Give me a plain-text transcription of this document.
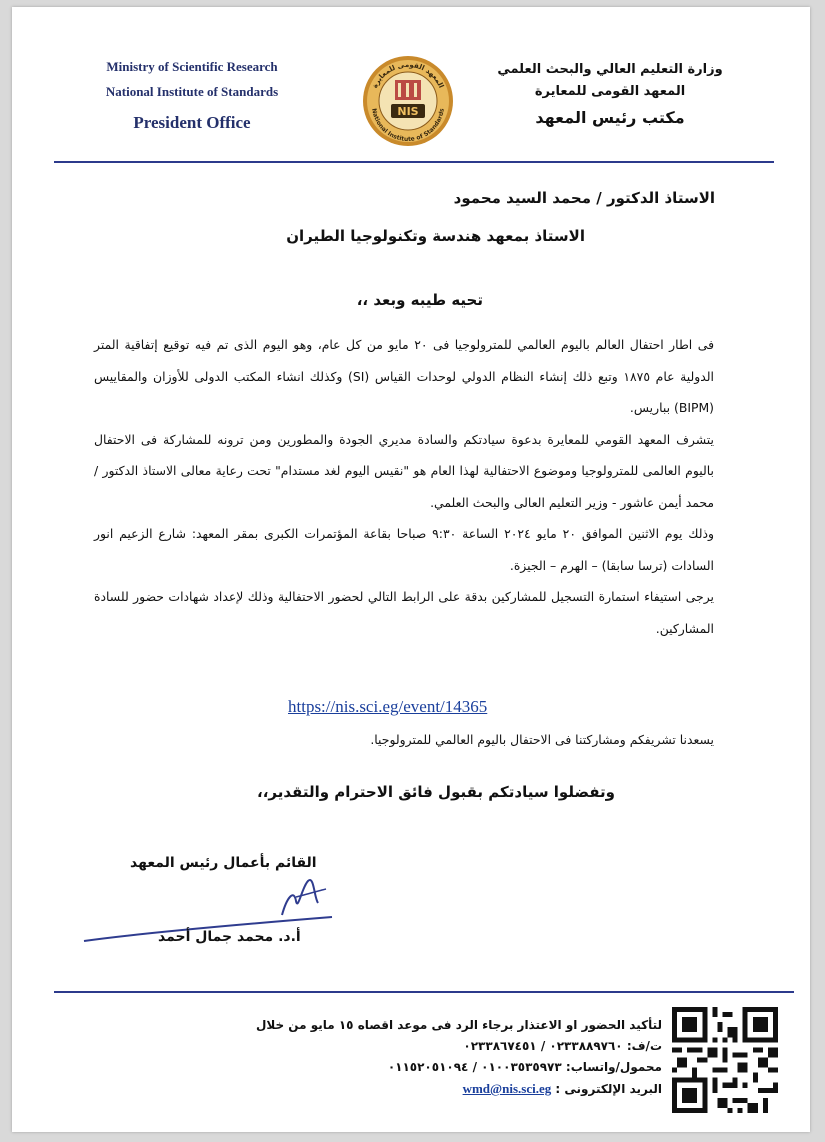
Ministry of Scientific Research
National Institute of Standards
President Office
المعهد القومى للمعايرة
National Institute of Standards
NIS
وزارة التعليم العالي والبحث العلمي
المعهد القومى للمعايرة
مكتب رئيس المعهد
الاستاذ الدكتور / محمد السيد محمود
الاستاذ بمعهد هندسة وتكنولوجيا الطيران
تحيه طيبه وبعد ،،

فى اطار احتفال العالم باليوم العالمي للمترولوجيا فى ٢٠ مايو من كل عام، وهو اليوم الذى تم فيه توقيع إتفاقية المتر الدولية عام ١٨٧٥ وتبع ذلك إنشاء النظام الدولي لوحدات القياس (SI) وكذلك انشاء المكتب الدولى للأوزان والمقاييس (BIPM) بباريس.

يتشرف المعهد القومي للمعايرة بدعوة سيادتكم والسادة مديري الجودة والمطورين ومن ترونه للمشاركة فى الاحتفال باليوم العالمى للمترولوجيا وموضوع الاحتفالية لهذا العام هو "نقيس اليوم لغد مستدام" تحت رعاية معالى الاستاذ الدكتور / محمد أيمن عاشور - وزير التعليم العالى والبحث العلمي.

وذلك يوم الاثنين الموافق ٢٠ مايو ٢٠٢٤ الساعة ٩:٣٠ صباحا بقاعة المؤتمرات الكبرى بمقر المعهد: شارع الزعيم انور السادات (ترسا سابقا) – الهرم – الجيزة.

يرجى استيفاء استمارة التسجيل للمشاركين بدقة على الرابط التالي لحضور الاحتفالية وذلك لإعداد شهادات حضور للسادة المشاركين.

https://nis.sci.eg/event/14365
يسعدنا تشريفكم ومشاركتنا فى الاحتفال باليوم العالمي للمترولوجيا.
وتفضلوا سيادتكم بقبول فائق الاحترام والتقدير،،
القائم بأعمال رئيس المعهد
أ.د. محمد جمال أحمد
لتأكيد الحضور او الاعتذار برجاء الرد فى موعد اقصاه ١٥ مايو من خلال
ت/ف: ٠٢٣٣٨٨٩٧٦٠ / ٠٢٣٣٨٦٧٤٥١
محمول/واتساب: ٠١٠٠٣٥٣٥٩٧٣ / ٠١١٥٢٠٥١٠٩٤
البريد الإلكترونى : wmd@nis.sci.eg
